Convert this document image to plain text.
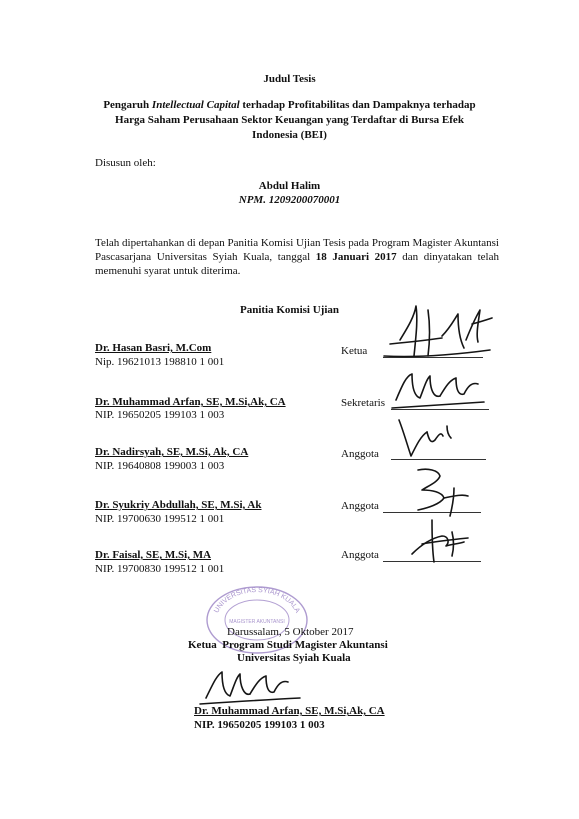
Judul Tesis
Pengaruh Intellectual Capital terhadap Profitabilitas dan Dampaknya terhadap
Harga Saham Perusahaan Sektor Keuangan yang Terdaftar di Bursa Efek
Indonesia (BEI)
Disusun oleh:
Abdul Halim
NPM. 1209200070001
Telah dipertahankan di depan Panitia Komisi Ujian Tesis pada Program Magister Akuntansi Pascasarjana Universitas Syiah Kuala, tanggal 18 Januari 2017 dan dinyatakan telah memenuhi syarat untuk diterima.
Panitia Komisi Ujian
Dr. Hasan Basri, M.Com
Nip. 19621013 198810 1 001
Ketua
Dr. Muhammad Arfan, SE, M.Si,Ak, CA
NIP. 19650205 199103 1 003
Sekretaris
Dr. Nadirsyah, SE, M.Si, Ak, CA
NIP. 19640808 199003 1 003
Anggota
Dr. Syukriy Abdullah, SE, M.Si, Ak
NIP. 19700630 199512 1 001
Anggota
Dr. Faisal, SE, M.Si, MA
NIP. 19700830 199512 1 001
Anggota
UNIVERSITAS SYIAH KUALA
MAGISTER AKUNTANSI
Darussalam, 5 Oktober 2017
Ketua  Program Studi Magister Akuntansi
Universitas Syiah Kuala
Dr. Muhammad Arfan, SE, M.Si,Ak, CA
NIP. 19650205 199103 1 003
